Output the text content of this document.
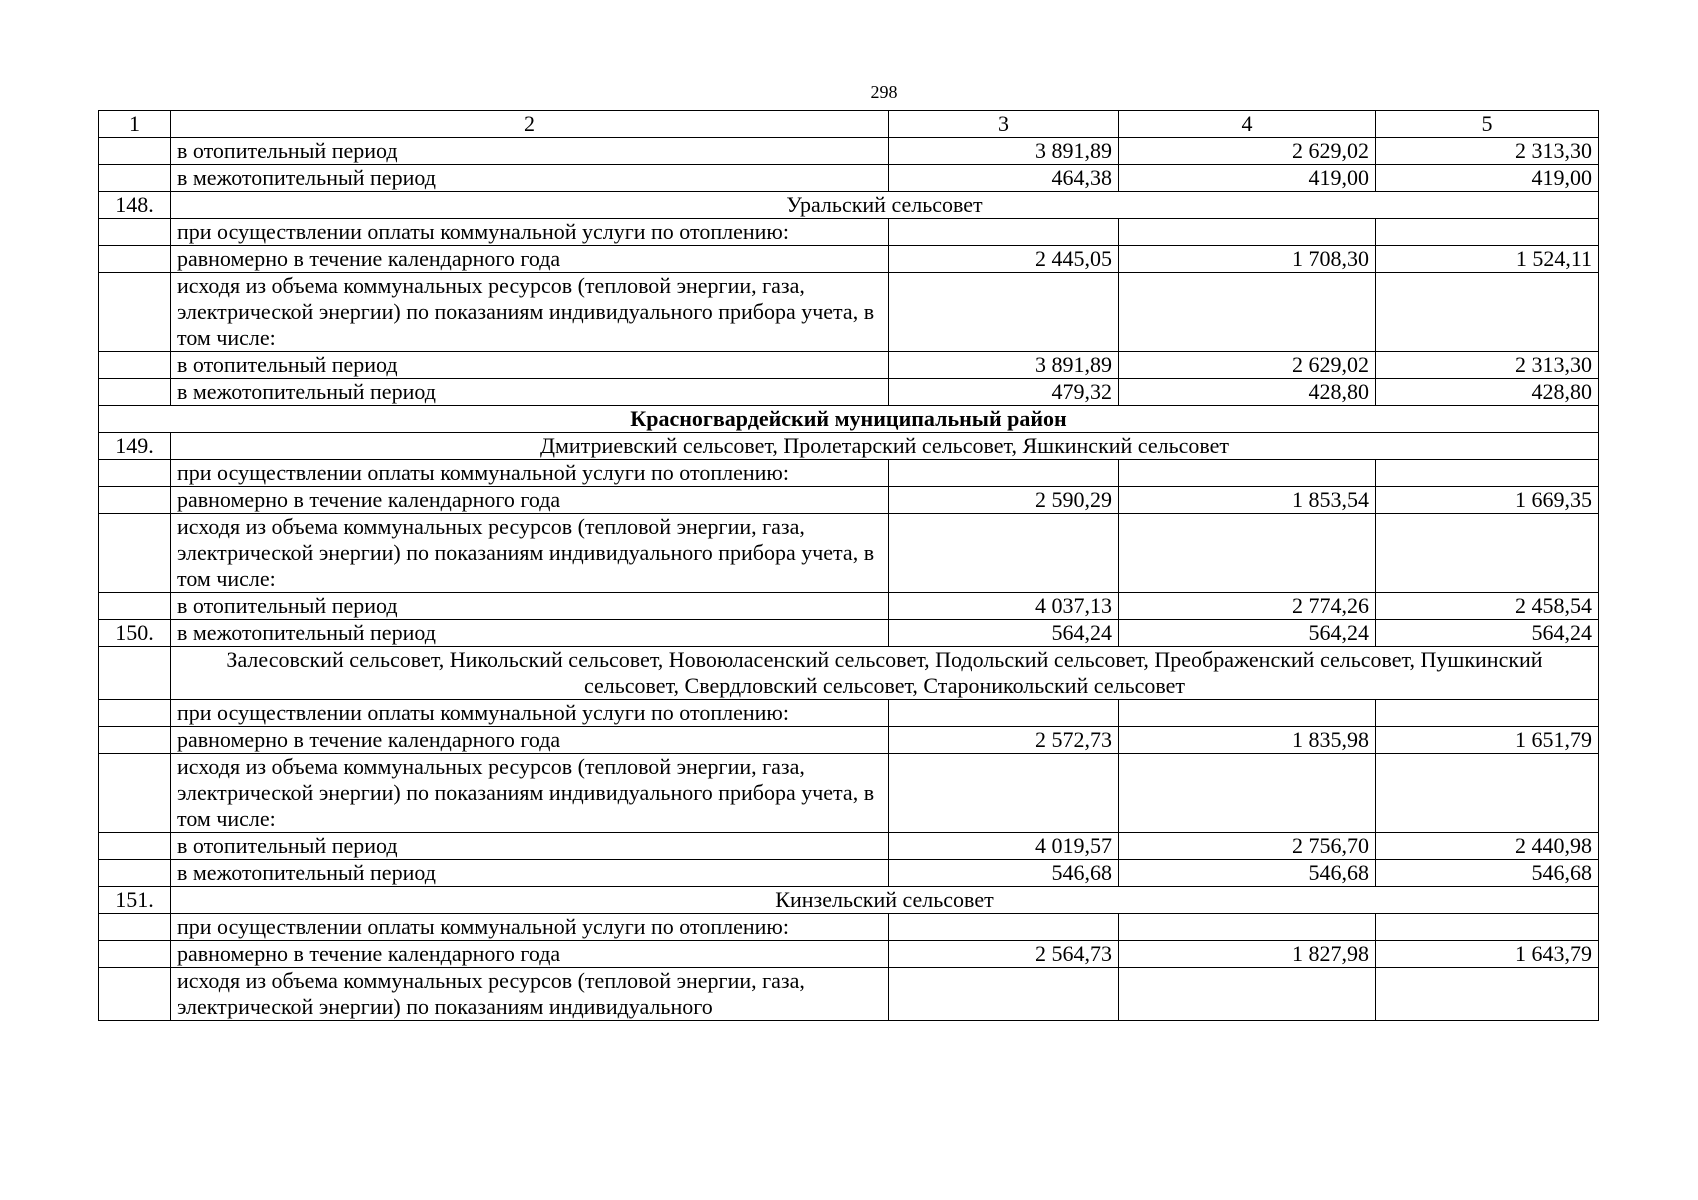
298
1	2	3	4	5
	в отопительный период	3 891,89	2 629,02	2 313,30
	в межотопительный период	464,38	419,00	419,00
148.	Уральский сельсовет			
	при осуществлении оплаты коммунальной услуги по отоплению:			
	равномерно в течение календарного года	2 445,05	1 708,30	1 524,11
	исходя из объема коммунальных ресурсов (тепловой энергии, газа, электрической энергии) по показаниям индивидуального прибора учета, в том числе:			
	в отопительный период	3 891,89	2 629,02	2 313,30
	в межотопительный период	479,32	428,80	428,80
Красногвардейский муниципальный район				
149.	Дмитриевский сельсовет, Пролетарский сельсовет, Яшкинский сельсовет			
	при осуществлении оплаты коммунальной услуги по отоплению:			
	равномерно в течение календарного года	2 590,29	1 853,54	1 669,35
	исходя из объема коммунальных ресурсов (тепловой энергии, газа, электрической энергии) по показаниям индивидуального прибора учета, в том числе:			
	в отопительный период	4 037,13	2 774,26	2 458,54
150.	в межотопительный период	564,24	564,24	564,24
	Залесовский сельсовет, Никольский сельсовет, Новоюласенский сельсовет, Подольский сельсовет, Преображенский сельсовет, Пушкинский сельсовет, Свердловский сельсовет, Староникольский сельсовет			
	при осуществлении оплаты коммунальной услуги по отоплению:			
	равномерно в течение календарного года	2 572,73	1 835,98	1 651,79
	исходя из объема коммунальных ресурсов (тепловой энергии, газа, электрической энергии) по показаниям индивидуального прибора учета, в том числе:			
	в отопительный период	4 019,57	2 756,70	2 440,98
	в межотопительный период	546,68	546,68	546,68
151.	Кинзельский сельсовет			
	при осуществлении оплаты коммунальной услуги по отоплению:			
	равномерно в течение календарного года	2 564,73	1 827,98	1 643,79
	исходя из объема коммунальных ресурсов (тепловой энергии, газа, электрической энергии) по показаниям индивидуального			
